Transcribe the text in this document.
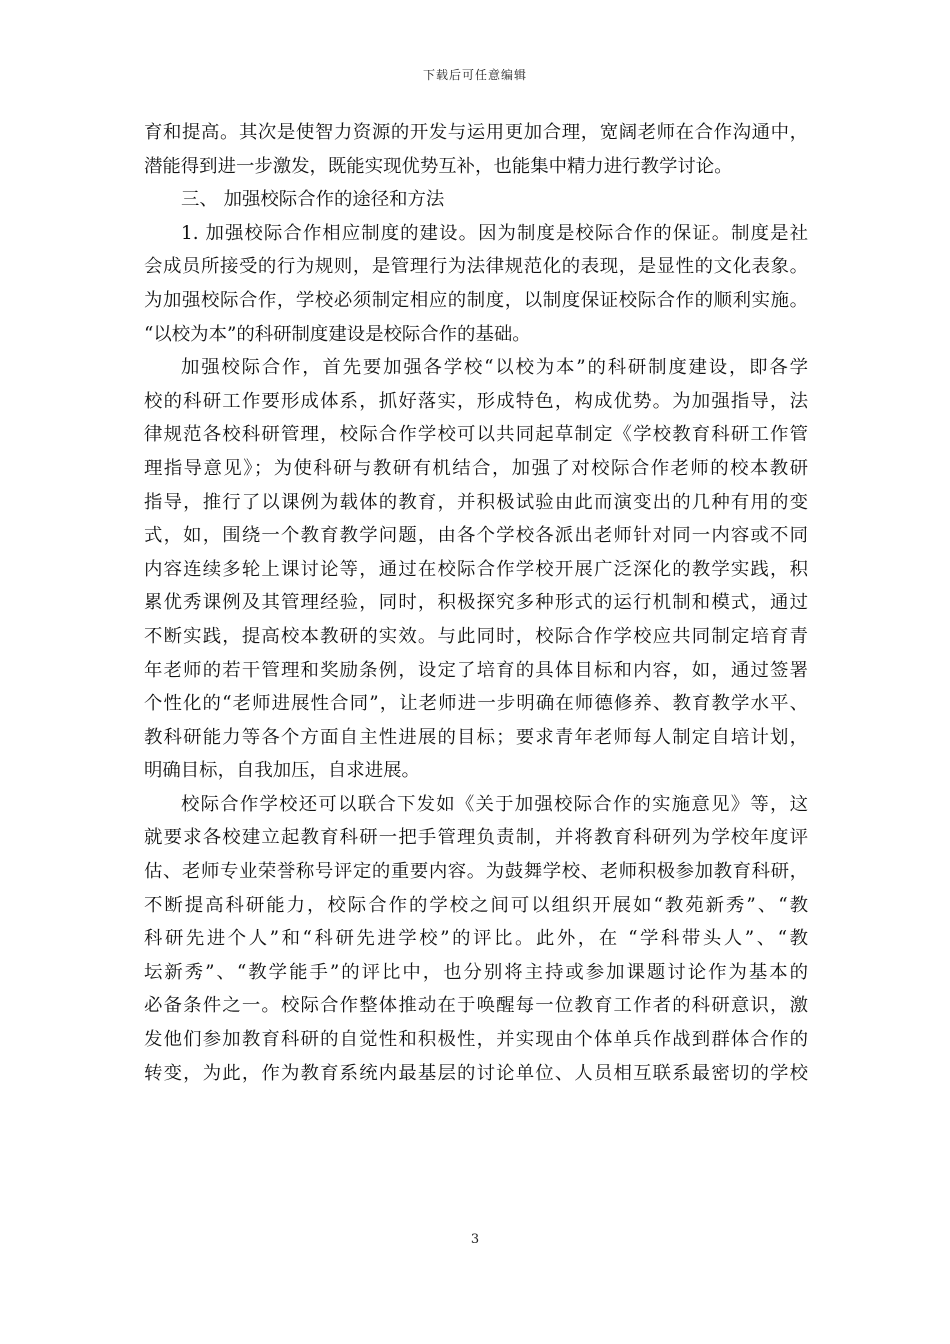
下载后可任意编辑
育和提高。其次是使智力资源的开发与运用更加合理，宽阔老师在合作沟通中，
潜能得到进一步激发，既能实现优势互补，也能集中精力进行教学讨论。
三、 加强校际合作的途径和方法
1. 加强校际合作相应制度的建设。因为制度是校际合作的保证。制度是社
会成员所接受的行为规则，是管理行为法律规范化的表现，是显性的文化表象。
为加强校际合作，学校必须制定相应的制度，以制度保证校际合作的顺利实施。
“以校为本”的科研制度建设是校际合作的基础。
加强校际合作，首先要加强各学校“以校为本”的科研制度建设，即各学
校的科研工作要形成体系，抓好落实，形成特色，构成优势。为加强指导，法
律规范各校科研管理，校际合作学校可以共同起草制定《学校教育科研工作管
理指导意见》；为使科研与教研有机结合，加强了对校际合作老师的校本教研
指导，推行了以课例为载体的教育，并积极试验由此而演变出的几种有用的变
式，如，围绕一个教育教学问题，由各个学校各派出老师针对同一内容或不同
内容连续多轮上课讨论等，通过在校际合作学校开展广泛深化的教学实践，积
累优秀课例及其管理经验，同时，积极探究多种形式的运行机制和模式，通过
不断实践，提高校本教研的实效。与此同时，校际合作学校应共同制定培育青
年老师的若干管理和奖励条例，设定了培育的具体目标和内容，如，通过签署
个性化的“老师进展性合同”，让老师进一步明确在师德修养、教育教学水平、
教科研能力等各个方面自主性进展的目标；要求青年老师每人制定自培计划，
明确目标，自我加压，自求进展。
校际合作学校还可以联合下发如《关于加强校际合作的实施意见》等，这
就要求各校建立起教育科研一把手管理负责制，并将教育科研列为学校年度评
估、老师专业荣誉称号评定的重要内容。为鼓舞学校、老师积极参加教育科研，
不断提高科研能力，校际合作的学校之间可以组织开展如“教苑新秀”、“教
科研先进个人”和“科研先进学校”的评比。此外，在 “学科带头人”、“教
坛新秀”、“教学能手”的评比中，也分别将主持或参加课题讨论作为基本的
必备条件之一。校际合作整体推动在于唤醒每一位教育工作者的科研意识，激
发他们参加教育科研的自觉性和积极性，并实现由个体单兵作战到群体合作的
转变，为此，作为教育系统内最基层的讨论单位、人员相互联系最密切的学校
3
